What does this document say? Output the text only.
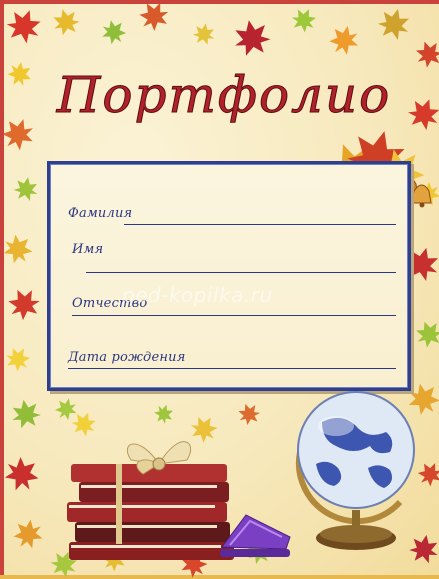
Портфолио
Фамилия
Имя
Отчество
Дата рождения
ped-kopilka.ru
